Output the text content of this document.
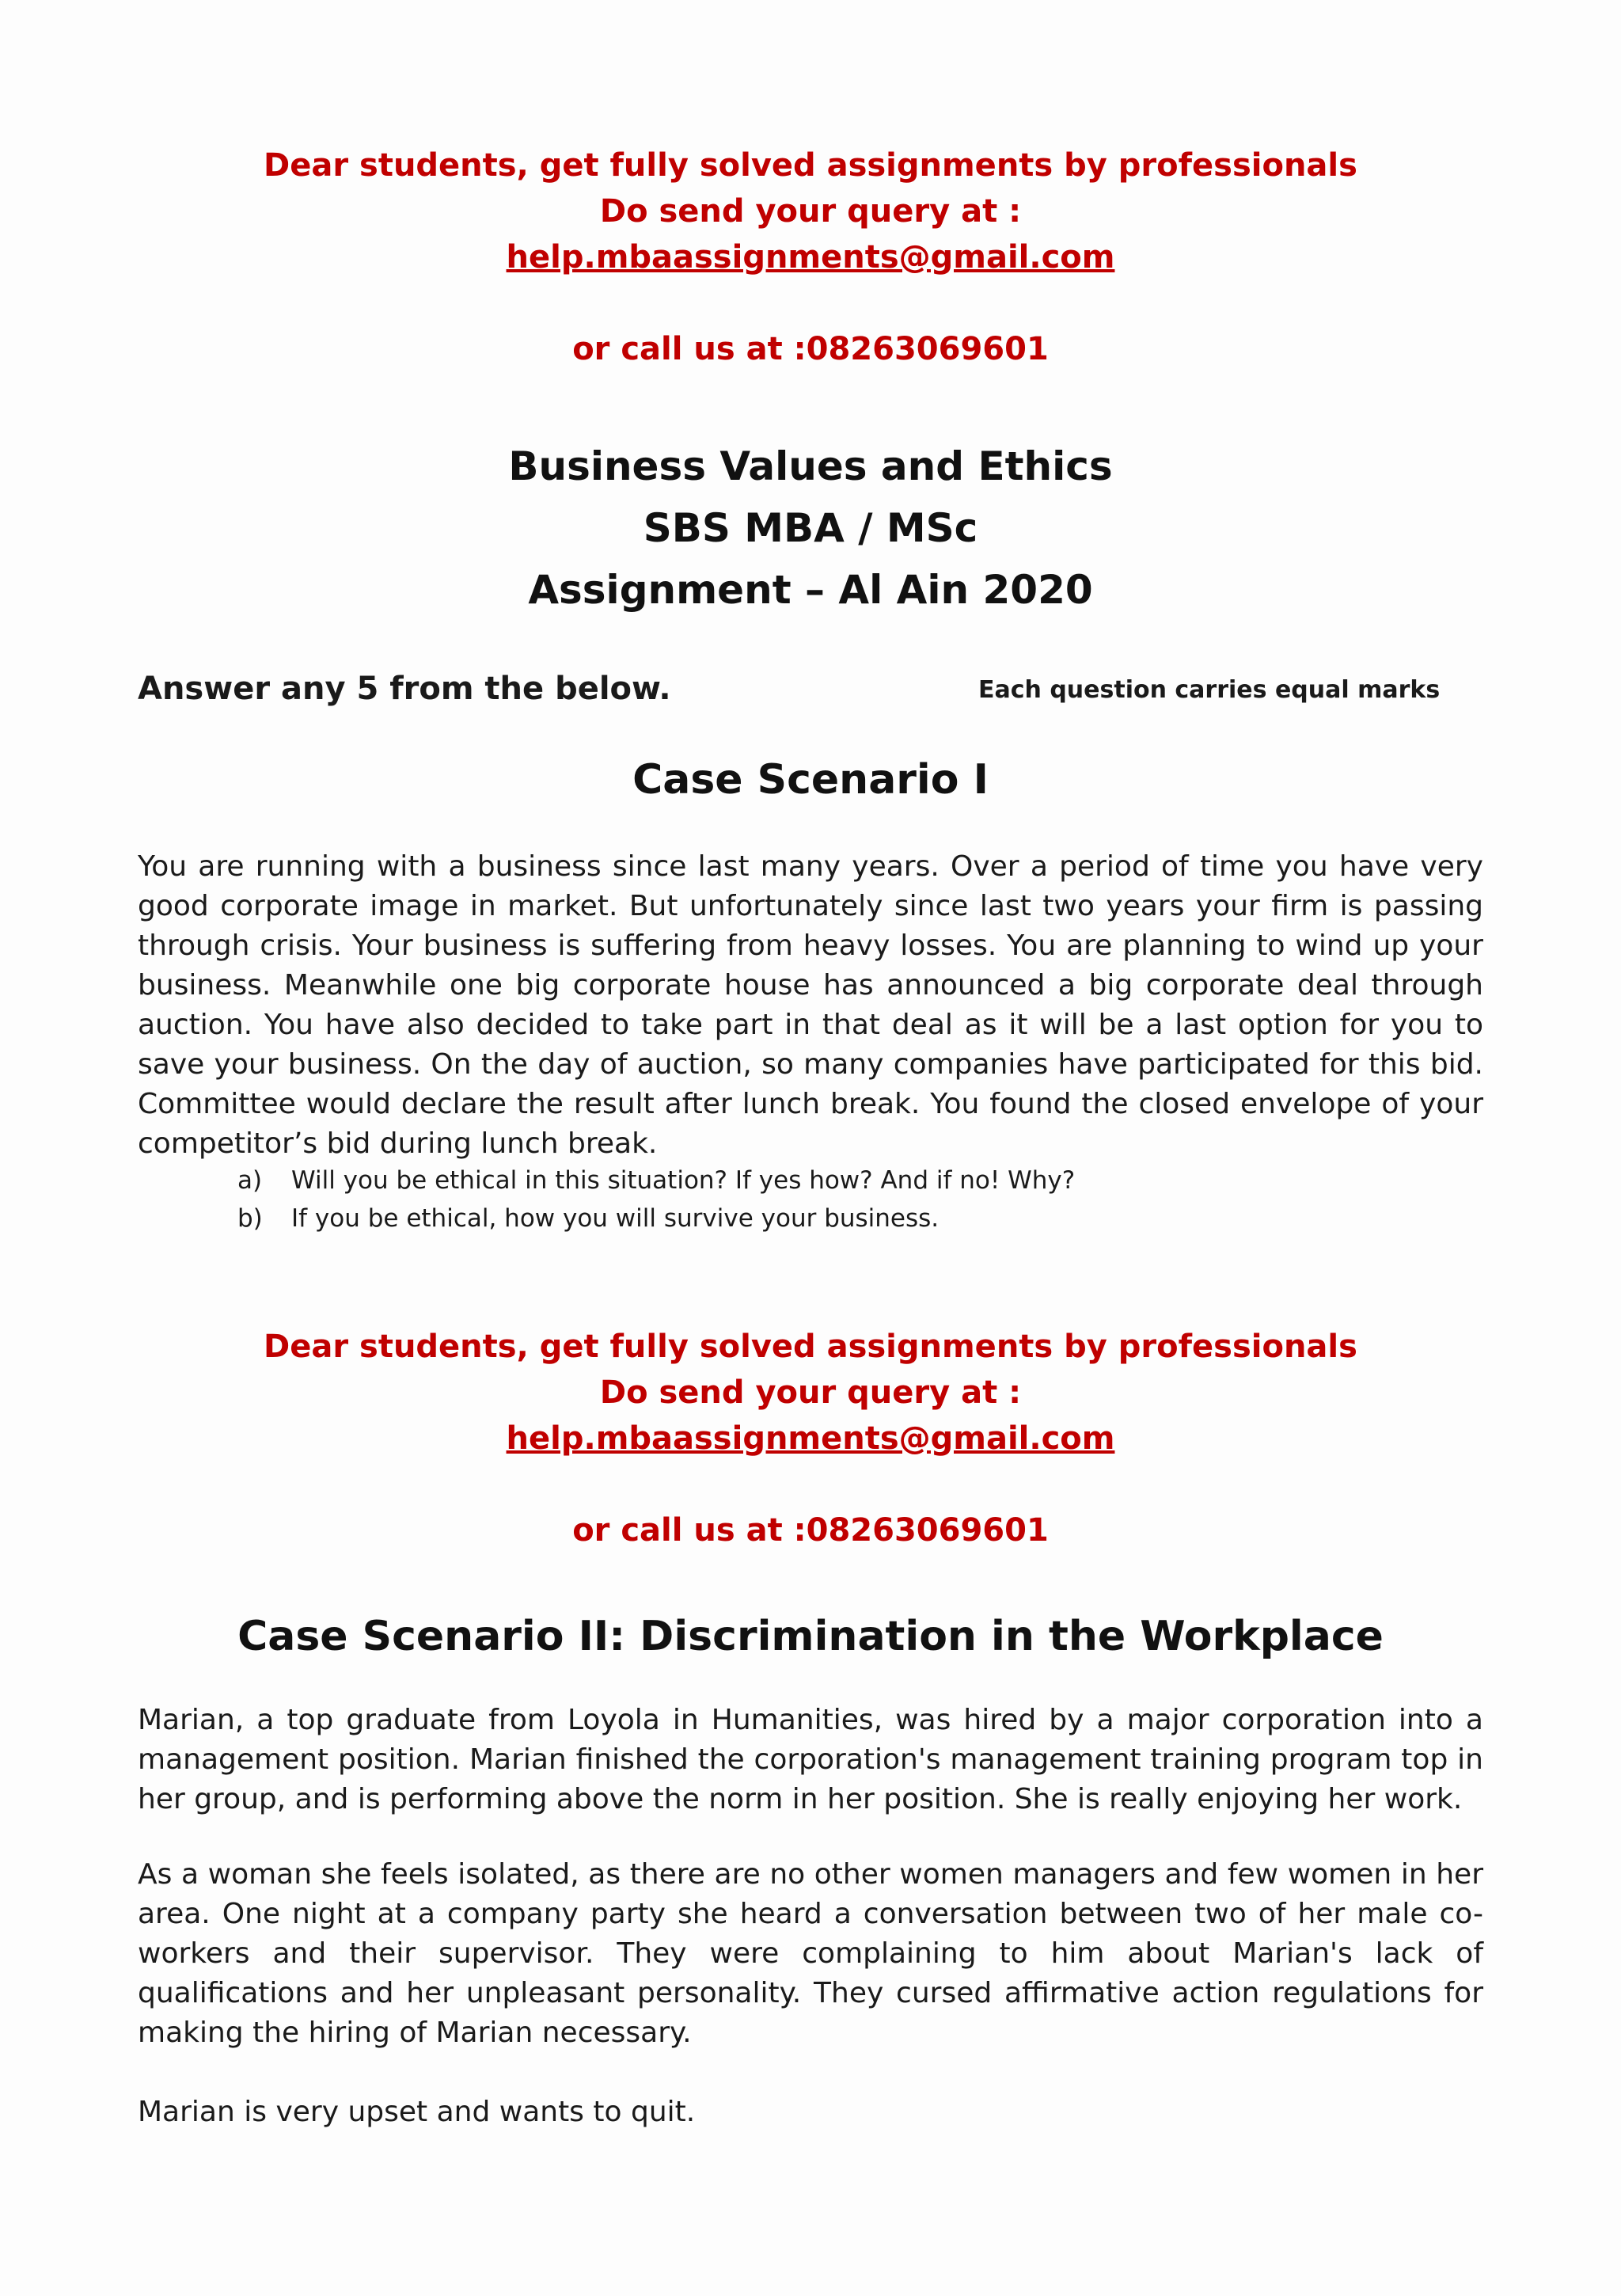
Dear students, get fully solved assignments by professionals
Do send your query at :
help.mbaassignments@gmail.com
or call us at :08263069601
Business Values and Ethics
SBS MBA / MSc
Assignment – Al Ain 2020
Answer any 5 from the below.	Each question carries equal marks
Case Scenario I
You are running with a business since last many years. Over a period of time you have very good corporate image in market. But unfortunately since last two years your firm is passing through crisis. Your business is suffering from heavy losses. You are planning to wind up your business. Meanwhile one big corporate house has announced a big corporate deal through auction. You have also decided to take part in that deal as it will be a last option for you to save your business. On the day of auction, so many companies have participated for this bid. Committee would declare the result after lunch break. You found the closed envelope of your competitor’s bid during lunch break.
a)	Will you be ethical in this situation? If yes how? And if no! Why?
b)	If you be ethical, how you will survive your business.
Dear students, get fully solved assignments by professionals
Do send your query at :
help.mbaassignments@gmail.com
or call us at :08263069601
Case Scenario II: Discrimination in the Workplace
Marian, a top graduate from Loyola in Humanities, was hired by a major corporation into a management position. Marian finished the corporation's management training program top in her group, and is performing above the norm in her position. She is really enjoying her work.
As a woman she feels isolated, as there are no other women managers and few women in her area. One night at a company party she heard a conversation between two of her male co-workers and their supervisor. They were complaining to him about Marian's lack of qualifications and her unpleasant personality. They cursed affirmative action regulations for making the hiring of Marian necessary.
Marian is very upset and wants to quit.
